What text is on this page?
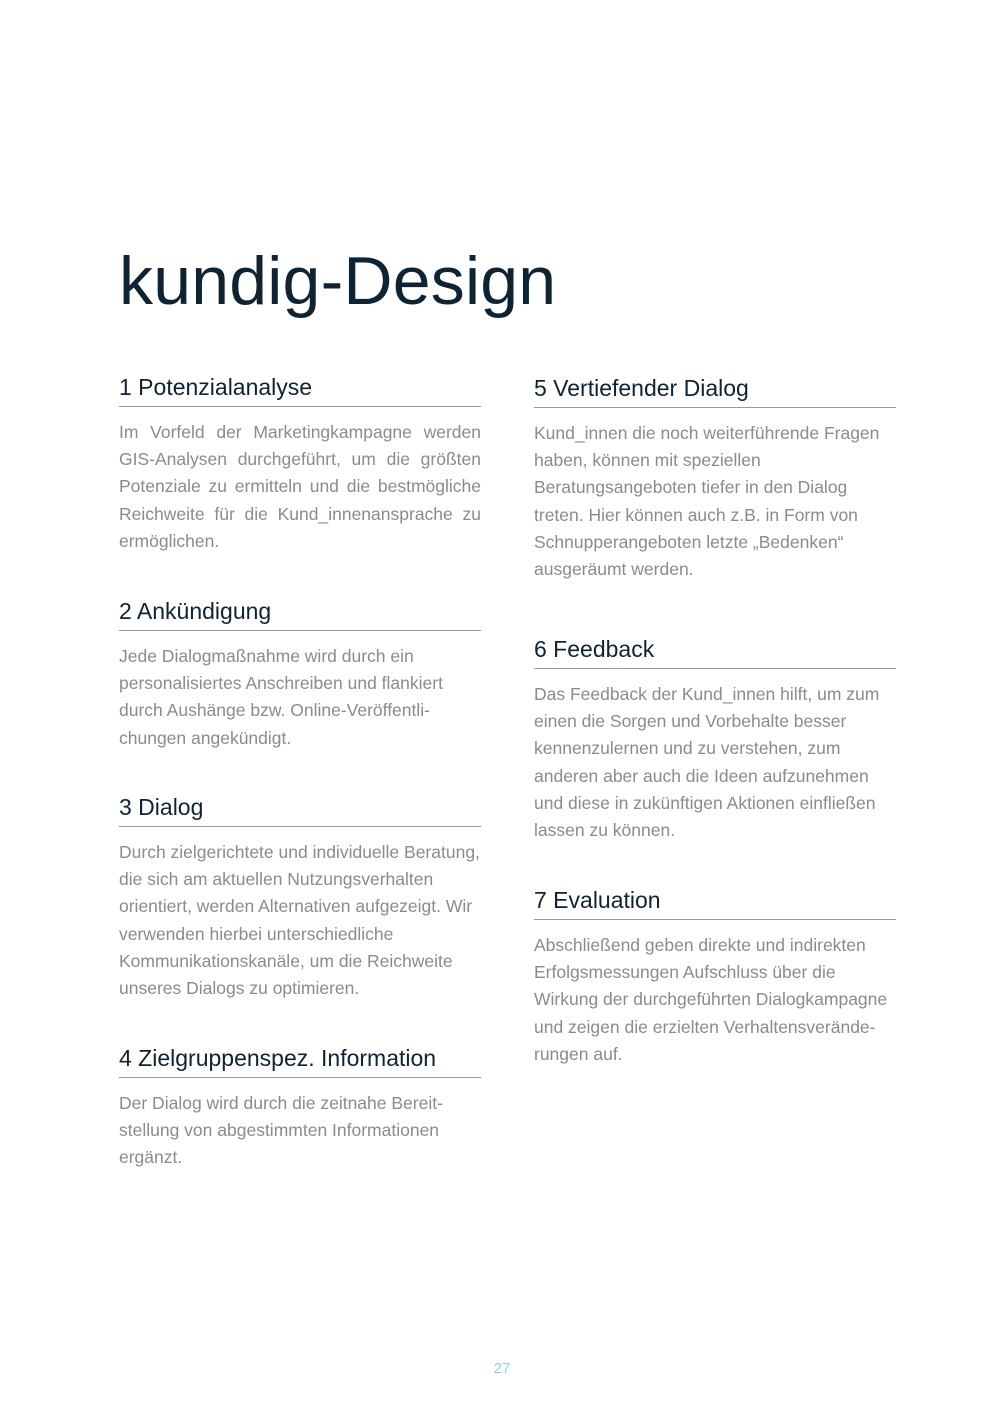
kundig-Design
1 Potenzialanalyse

Im Vorfeld der Marketingkampagne werden GIS-Analysen durchgeführt, um die größten Potenziale zu ermitteln und die bestmögliche Reichweite für die Kund_innenansprache zu ermöglichen.

2 Ankündigung

Jede Dialogmaßnahme wird durch ein personalisiertes Anschreiben und flankiert durch Aushänge bzw. Online-Veröffentlichungen angekündigt.

3 Dialog

Durch zielgerichtete und individuelle Beratung, die sich am aktuellen Nutzungsverhalten orientiert, werden Alternativen aufgezeigt. Wir verwenden hierbei unterschiedliche Kommunikationskanäle, um die Reichweite unseres Dialogs zu optimieren.

4 Zielgruppenspez. Information

Der Dialog wird durch die zeitnahe Bereitstellung von abgestimmten Informationen ergänzt.

5 Vertiefender Dialog

Kund_innen die noch weiterführende Fragen haben, können mit speziellen Beratungsangeboten tiefer in den Dialog treten. Hier können auch z.B. in Form von Schnupperangeboten letzte „Bedenken“ ausgeräumt werden.

6 Feedback

Das Feedback der Kund_innen hilft, um zum einen die Sorgen und Vorbehalte besser kennenzulernen und zu verstehen, zum anderen aber auch die Ideen aufzunehmen und diese in zukünftigen Aktionen einfließen lassen zu können.

7 Evaluation

Abschließend geben direkte und indirekten Erfolgsmessungen Aufschluss über die Wirkung der durchgeführten Dialogkampagne und zeigen die erzielten Verhaltensveränderungen auf.

27
